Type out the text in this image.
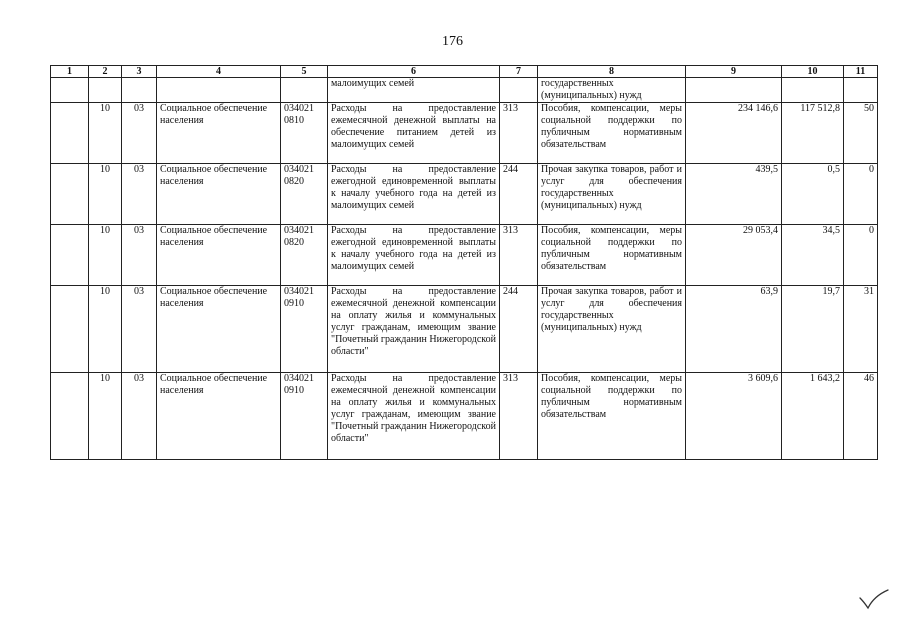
176
1	2	3	4	5	6	7	8	9	10	11
					малоимущих семей		государственных (муниципальных) нужд			
	10	03	Социальное обеспечение населения	034021 0810	Расходы на предоставление ежемесячной денежной выплаты на обеспечение питанием детей из малоимущих семей	313	Пособия, компенсации, меры социальной поддержки по публичным нормативным обязательствам	234 146,6	117 512,8	50
	10	03	Социальное обеспечение населения	034021 0820	Расходы на предоставление ежегодной единовременной выплаты к началу учебного года на детей из малоимущих семей	244	Прочая закупка товаров, работ и услуг для обеспечения государственных (муниципальных) нужд	439,5	0,5	0
	10	03	Социальное обеспечение населения	034021 0820	Расходы на предоставление ежегодной единовременной выплаты к началу учебного года на детей из малоимущих семей	313	Пособия, компенсации, меры социальной поддержки по публичным нормативным обязательствам	29 053,4	34,5	0
	10	03	Социальное обеспечение населения	034021 0910	Расходы на предоставление ежемесячной денежной компенсации на оплату жилья и коммунальных услуг гражданам, имеющим звание "Почетный гражданин Нижегородской области"	244	Прочая закупка товаров, работ и услуг для обеспечения государственных (муниципальных) нужд	63,9	19,7	31
	10	03	Социальное обеспечение населения	034021 0910	Расходы на предоставление ежемесячной денежной компенсации на оплату жилья и коммунальных услуг гражданам, имеющим звание "Почетный гражданин Нижегородской области"	313	Пособия, компенсации, меры социальной поддержки по публичным нормативным обязательствам	3 609,6	1 643,2	46
